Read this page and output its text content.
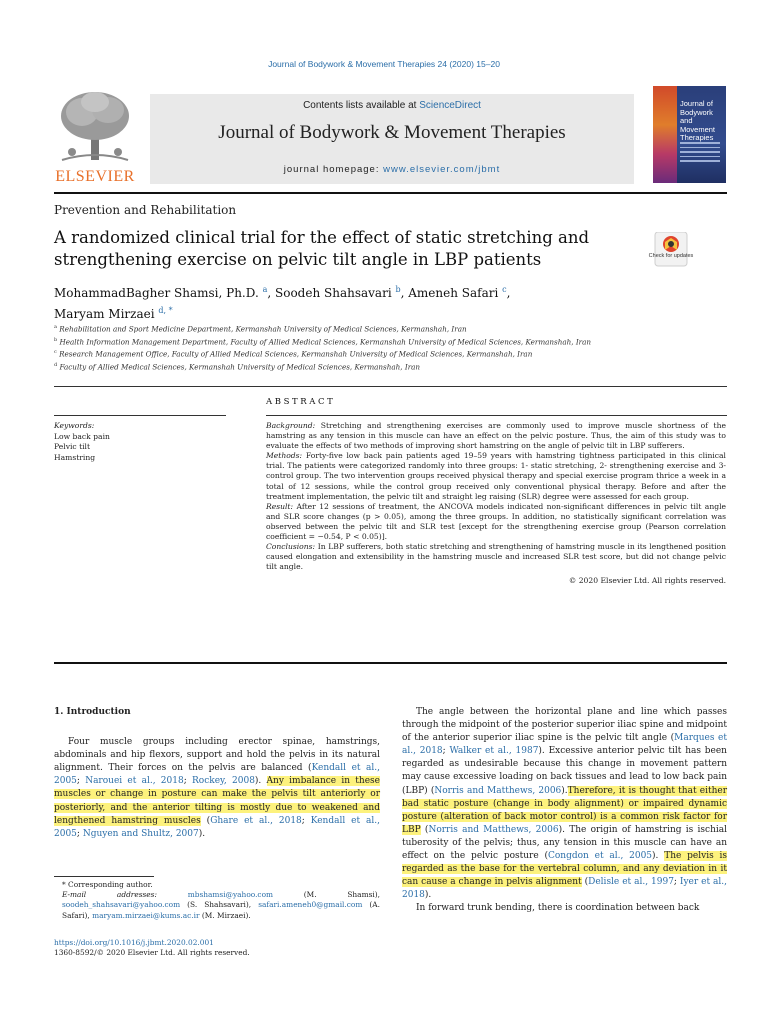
Journal of Bodywork & Movement Therapies 24 (2020) 15–20
ELSEVIER
Contents lists available at ScienceDirect
Journal of Bodywork & Movement Therapies
journal homepage: www.elsevier.com/jbmt
Journal of Bodywork and Movement Therapies
Prevention and Rehabilitation
A randomized clinical trial for the effect of static stretching and strengthening exercise on pelvic tilt angle in LBP patients	Check for updates
MohammadBagher Shamsi, Ph.D. $^a$, Soodeh Shahsavari $^b$, Ameneh Safari $^c$,
Maryam Mirzaei $^{d, *}$
$^a$ Rehabilitation and Sport Medicine Department, Kermanshah University of Medical Sciences, Kermanshah, Iran
$^b$ Health Information Management Department, Faculty of Allied Medical Sciences, Kermanshah University of Medical Sciences, Kermanshah, Iran
$^c$ Research Management Office, Faculty of Allied Medical Sciences, Kermanshah University of Medical Sciences, Kermanshah, Iran
$^d$ Faculty of Allied Medical Sciences, Kermanshah University of Medical Sciences, Kermanshah, Iran
ABSTRACT
Keywords:
Low back pain
Pelvic tilt
Hamstring

Background: Stretching and strengthening exercises are commonly used to improve muscle shortness of the hamstring as any tension in this muscle can have an effect on the pelvic posture. Thus, the aim of this study was to evaluate the effects of two methods of improving short hamstring on the angle of pelvic tilt in LBP sufferers.

Methods: Forty-five low back pain patients aged 19–59 years with hamstring tightness participated in this clinical trial. The patients were categorized randomly into three groups: 1- static stretching, 2- strengthening exercise and 3-control group. The two intervention groups received physical therapy and special exercise program thrice a week in a total of 12 sessions, while the control group received only conventional physical therapy. Before and after the treatment implementation, the pelvic tilt and straight leg raising (SLR) degree were assessed for each group.

Result: After 12 sessions of treatment, the ANCOVA models indicated non-significant differences in pelvic tilt angle and SLR score changes (p > 0.05), among the three groups. In addition, no statistically significant correlation was observed between the pelvic tilt and SLR test [except for the strengthening exercise group (Pearson correlation coefficient = −0.54, P < 0.05)].

Conclusions: In LBP sufferers, both static stretching and strengthening of hamstring muscle in its lengthened position caused elongation and extensibility in the hamstring muscle and increased SLR test score, but did not change pelvic tilt angle.

© 2020 Elsevier Ltd. All rights reserved.

1. Introduction

Four muscle groups including erector spinae, hamstrings, abdominals and hip flexors, support and hold the pelvis in its natural alignment. Their forces on the pelvis are balanced (Kendall et al., 2005; Narouei et al., 2018; Rockey, 2008). Any imbalance in these muscles or change in posture can make the pelvis tilt anteriorly or posteriorly, and the anterior tilting is mostly due to weakened and lengthened hamstring muscles (Ghare et al., 2018; Kendall et al., 2005; Nguyen and Shultz, 2007).

The angle between the horizontal plane and line which passes through the midpoint of the posterior superior iliac spine and midpoint of the anterior superior iliac spine is the pelvic tilt angle (Marques et al., 2018; Walker et al., 1987). Excessive anterior pelvic tilt has been regarded as undesirable because this change in movement pattern may cause excessive loading on back tissues and lead to low back pain (LBP) (Norris and Matthews, 2006).Therefore, it is thought that either bad static posture (change in body alignment) or impaired dynamic posture (alteration of back motor control) is a common risk factor for LBP (Norris and Matthews, 2006). The origin of hamstring is ischial tuberosity of the pelvis; thus, any tension in this muscle can have an effect on the pelvic posture (Congdon et al., 2005). The pelvis is regarded as the base for the vertebral column, and any deviation in it can cause a change in pelvis alignment (Delisle et al., 1997; Iyer et al., 2018).

In forward trunk bending, there is coordination between back

* Corresponding author.
E-mail addresses:	mbshamsi@yahoo.com (M. Shamsi), soodeh_shahsavari@yahoo.com (S. Shahsavari), safari.ameneh0@gmail.com (A. Safari), maryam.mirzaei@kums.ac.ir (M. Mirzaei).
https://doi.org/10.1016/j.jbmt.2020.02.001
1360-8592/© 2020 Elsevier Ltd. All rights reserved.
